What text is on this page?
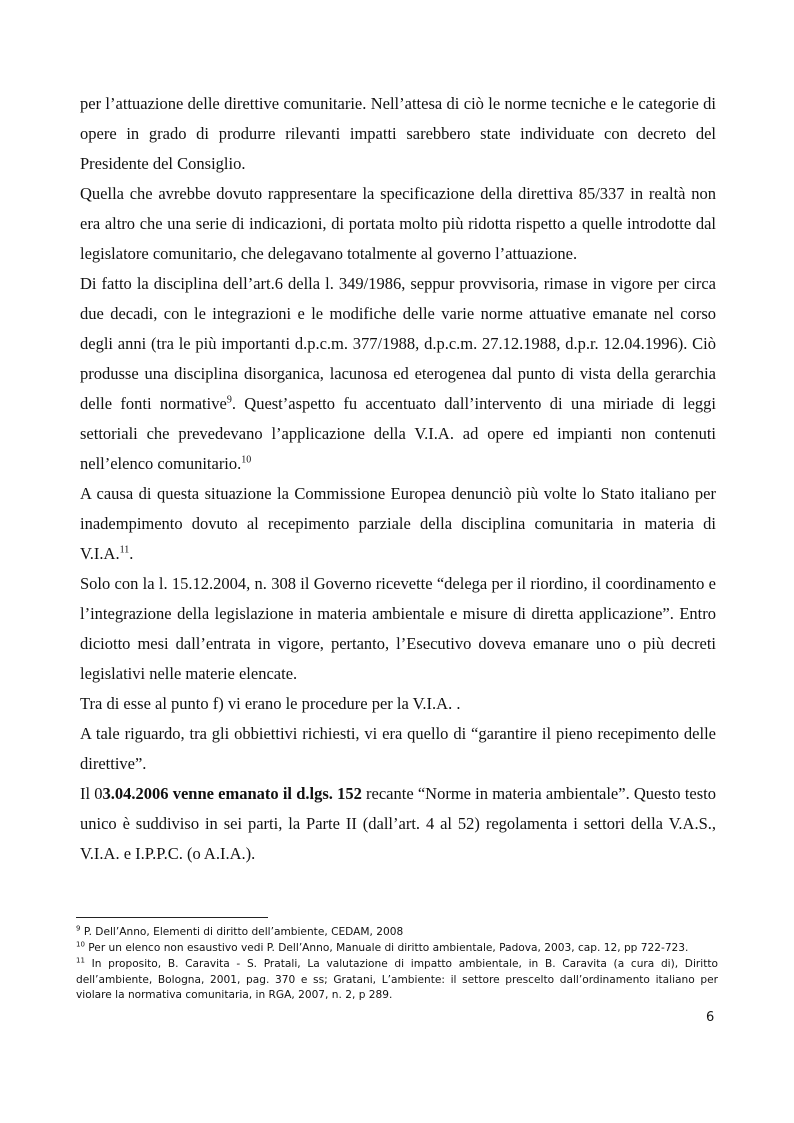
per l’attuazione delle direttive comunitarie. Nell’attesa di ciò le norme tecniche e le categorie di opere in grado di produrre rilevanti impatti sarebbero state individuate con decreto del Presidente del Consiglio.

Quella che avrebbe dovuto rappresentare la specificazione della direttiva 85/337 in realtà non era altro che una serie di indicazioni, di portata molto più ridotta rispetto a quelle introdotte dal legislatore comunitario, che delegavano totalmente al governo l’attuazione.

Di fatto la disciplina dell’art.6 della l. 349/1986, seppur provvisoria, rimase in vigore per circa due decadi, con le integrazioni e le modifiche delle varie norme attuative emanate nel corso degli anni (tra le più importanti d.p.c.m. 377/1988, d.p.c.m. 27.12.1988, d.p.r. 12.04.1996). Ciò produsse una disciplina disorganica, lacunosa ed eterogenea dal punto di vista della gerarchia delle fonti normative$^9$. Quest’aspetto fu accentuato dall’intervento di una miriade di leggi settoriali che prevedevano l’applicazione della V.I.A. ad opere ed impianti non contenuti nell’elenco comunitario.$^{10}$

A causa di questa situazione la Commissione Europea denunciò più volte lo Stato italiano per inadempimento dovuto al recepimento parziale della disciplina comunitaria in materia di V.I.A.$^{11}$.

Solo con la l. 15.12.2004, n. 308 il Governo ricevette “delega per il riordino, il coordinamento e l’integrazione della legislazione in materia ambientale e misure di diretta applicazione”. Entro diciotto mesi dall’entrata in vigore, pertanto, l’Esecutivo doveva emanare uno o più decreti legislativi nelle materie elencate.

Tra di esse al punto f) vi erano le procedure per la V.I.A. .

A tale riguardo, tra gli obbiettivi richiesti, vi era quello di “garantire il pieno recepimento delle direttive”.

Il 03.04.2006 venne emanato il d.lgs. 152 recante “Norme in materia ambientale”. Questo testo unico è suddiviso in sei parti, la Parte II (dall’art. 4 al 52) regolamenta i settori della V.A.S., V.I.A. e I.P.P.C. (o A.I.A.).

$^9$ P. Dell’Anno, Elementi di diritto dell’ambiente, CEDAM, 2008

$^{10}$ Per un elenco non esaustivo vedi P. Dell’Anno, Manuale di diritto ambientale, Padova, 2003, cap. 12, pp 722-723.

$^{11}$ In proposito, B. Caravita - S. Pratali, La valutazione di impatto ambientale, in B. Caravita (a cura di), Diritto dell’ambiente, Bologna, 2001, pag. 370 e ss; Gratani, L’ambiente: il settore prescelto dall’ordinamento italiano per violare la normativa comunitaria, in RGA, 2007, n. 2, p 289.

6
